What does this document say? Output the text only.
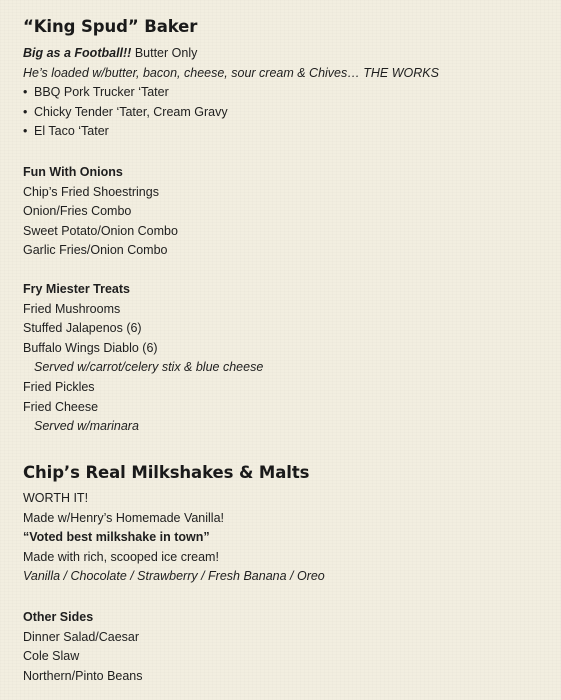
“King Spud” Baker
Big as a Football!! Butter Only
He’s loaded w/butter, bacon, cheese, sour cream & Chives… THE WORKS
• BBQ Pork Trucker ‘Tater
• Chicky Tender ‘Tater, Cream Gravy
• El Taco ‘Tater
Fun With Onions
Chip’s Fried Shoestrings
Onion/Fries Combo
Sweet Potato/Onion Combo
Garlic Fries/Onion Combo
Fry Miester Treats
Fried Mushrooms
Stuffed Jalapenos (6)
Buffalo Wings Diablo (6)
Served w/carrot/celery stix & blue cheese
Fried Pickles
Fried Cheese
Served w/marinara
Chip’s Real Milkshakes & Malts
WORTH IT!
Made w/Henry’s Homemade Vanilla!
“Voted best milkshake in town”
Made with rich, scooped ice cream!
Vanilla / Chocolate / Strawberry / Fresh Banana / Oreo
Other Sides
Dinner Salad/Caesar
Cole Slaw
Northern/Pinto Beans
